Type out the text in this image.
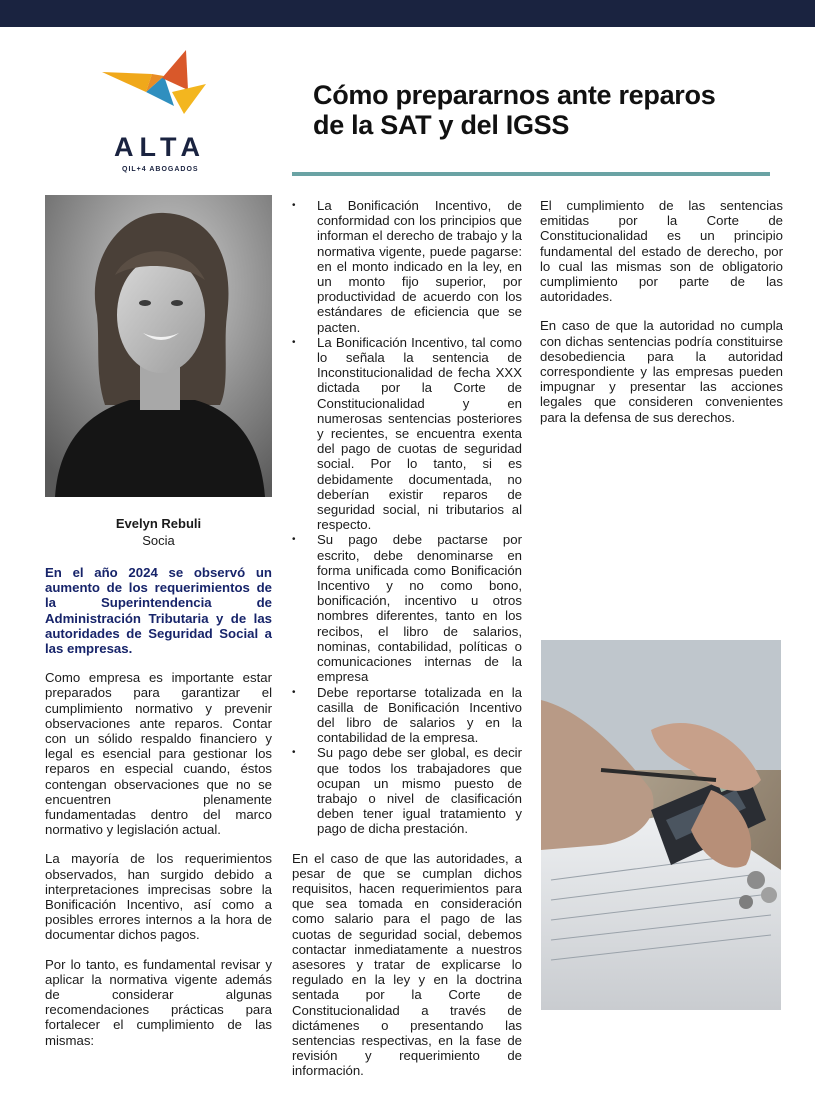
ALTA
QIL+4 ABOGADOS
Cómo prepararnos ante reparos
de la SAT y del IGSS
Evelyn Rebuli
Socia

En el año 2024 se observó un aumento de los requerimientos de la Superintendencia de Administración Tributaria y de las autoridades de Seguridad Social a las empresas.

Como empresa es importante estar preparados para garantizar el cumplimiento normativo y prevenir observaciones ante reparos. Contar con un sólido respaldo financiero y legal es esencial para gestionar los reparos en especial cuando, éstos contengan observaciones que no se encuentren plenamente fundamentadas dentro del marco normativo y legislación actual.

La mayoría de los requerimientos observados, han surgido debido a interpretaciones imprecisas sobre la Bonificación Incentivo, así como a posibles errores internos a la hora de documentar dichos pagos.

Por lo tanto, es fundamental revisar y aplicar la normativa vigente además de considerar algunas recomendaciones prácticas para fortalecer el cumplimiento de las mismas:

• La Bonificación Incentivo, de conformidad con los principios que informan el derecho de trabajo y la normativa vigente, puede pagarse: en el monto indicado en la ley, en un monto fijo superior, por productividad de acuerdo con los estándares de eficiencia que se pacten.
• La Bonificación Incentivo, tal como lo señala la sentencia de Inconstitucionalidad de fecha XXX dictada por la Corte de Constitucionalidad y en numerosas sentencias posteriores y recientes, se encuentra exenta del pago de cuotas de seguridad social. Por lo tanto, si es debidamente documentada, no deberían existir reparos de seguridad social, ni tributarios al respecto.
• Su pago debe pactarse por escrito, debe denominarse en forma unificada como Bonificación Incentivo y no como bono, bonificación, incentivo u otros nombres diferentes, tanto en los recibos, el libro de salarios, nominas, contabilidad, políticas o comunicaciones internas de la empresa
• Debe reportarse totalizada en la casilla de Bonificación Incentivo del libro de salarios y en la contabilidad de la empresa.
• Su pago debe ser global, es decir que todos los trabajadores que ocupan un mismo puesto de trabajo o nivel de clasificación deben tener igual tratamiento y pago de dicha prestación.

En el caso de que las autoridades, a pesar de que se cumplan dichos requisitos, hacen requerimientos para que sea tomada en consideración como salario para el pago de las cuotas de seguridad social, debemos contactar inmediatamente a nuestros asesores y tratar de explicarse lo regulado en la ley y en la doctrina sentada por la Corte de Constitucionalidad a través de dictámenes o presentando las sentencias respectivas, en la fase de revisión y requerimiento de información.

El cumplimiento de las sentencias emitidas por la Corte de Constitucionalidad es un principio fundamental del estado de derecho, por lo cual las mismas son de obligatorio cumplimiento por parte de las autoridades.

En caso de que la autoridad no cumpla con dichas sentencias podría constituirse desobediencia para la autoridad correspondiente y las empresas pueden impugnar y presentar las acciones legales que consideren convenientes para la defensa de sus derechos.
